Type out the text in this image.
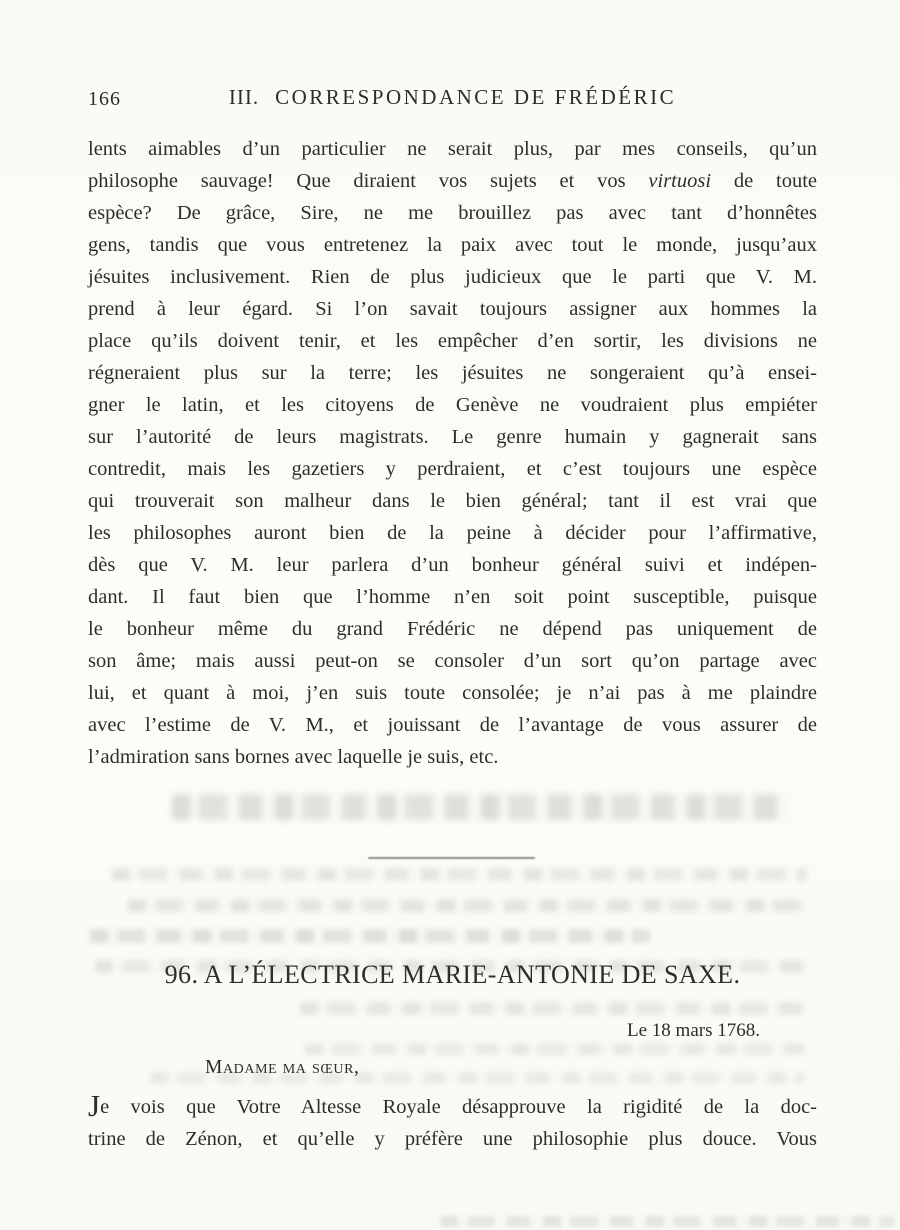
166	III. CORRESPONDANCE DE FRÉDÉRIC
lents aimables d’un particulier ne serait plus, par mes conseils, qu’un
philosophe sauvage! Que diraient vos sujets et vos virtuosi de toute
espèce? De grâce, Sire, ne me brouillez pas avec tant d’honnêtes
gens, tandis que vous entretenez la paix avec tout le monde, jusqu’aux
jésuites inclusivement. Rien de plus judicieux que le parti que V. M.
prend à leur égard. Si l’on savait toujours assigner aux hommes la
place qu’ils doivent tenir, et les empêcher d’en sortir, les divisions ne
régneraient plus sur la terre; les jésuites ne songeraient qu’à ensei-
gner le latin, et les citoyens de Genève ne voudraient plus empiéter
sur l’autorité de leurs magistrats. Le genre humain y gagnerait sans
contredit, mais les gazetiers y perdraient, et c’est toujours une espèce
qui trouverait son malheur dans le bien général; tant il est vrai que
les philosophes auront bien de la peine à décider pour l’affirmative,
dès que V. M. leur parlera d’un bonheur général suivi et indépen-
dant. Il faut bien que l’homme n’en soit point susceptible, puisque
le bonheur même du grand Frédéric ne dépend pas uniquement de
son âme; mais aussi peut-on se consoler d’un sort qu’on partage avec
lui, et quant à moi, j’en suis toute consolée; je n’ai pas à me plaindre
avec l’estime de V. M., et jouissant de l’avantage de vous assurer de
l’admiration sans bornes avec laquelle je suis, etc.
96. A L’ÉLECTRICE MARIE-ANTONIE DE SAXE.
Le 18 mars 1768.
Madame ma sœur,
Je vois que Votre Altesse Royale désapprouve la rigidité de la doc-
trine de Zénon, et qu’elle y préfère une philosophie plus douce. Vous
